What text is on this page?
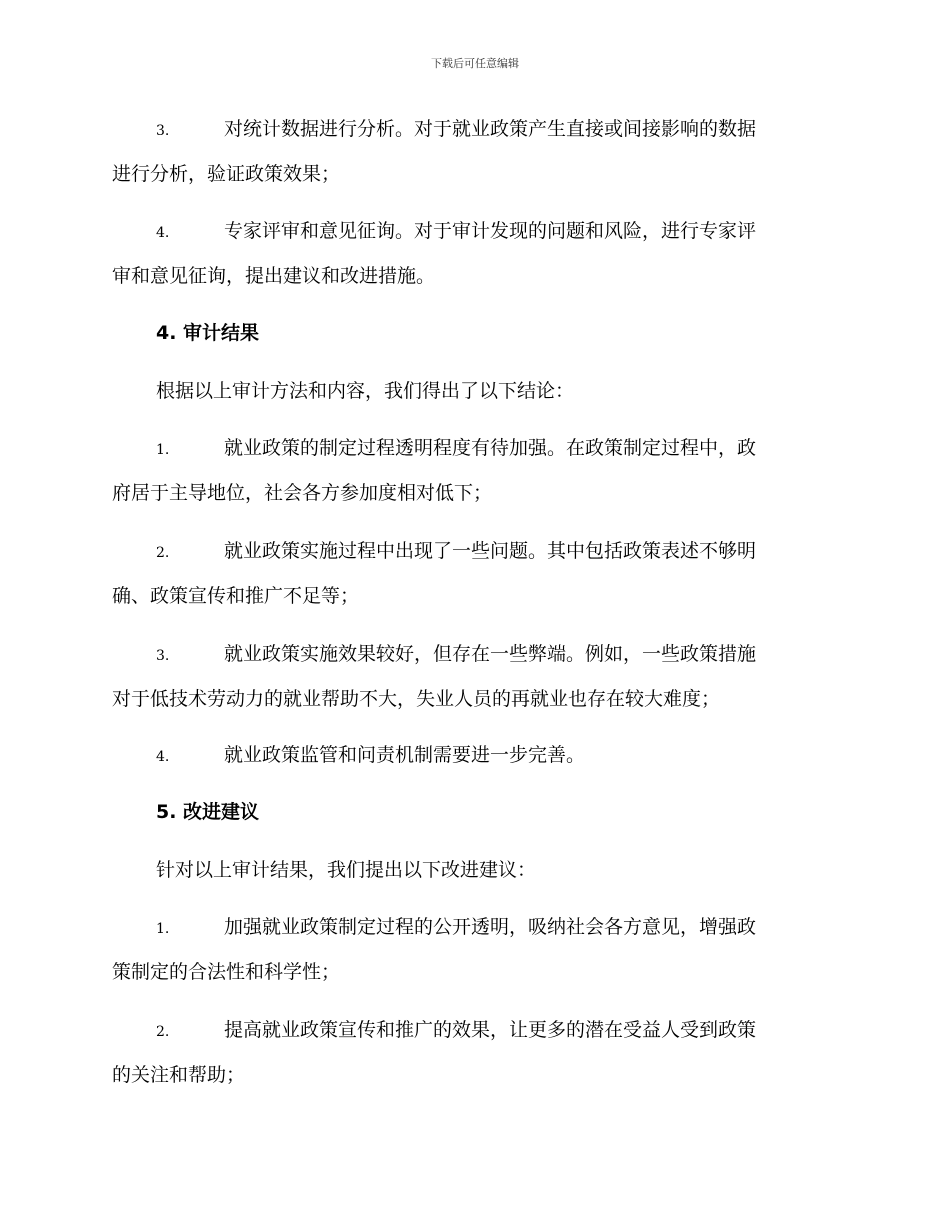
下载后可任意编辑
3.	对统计数据进行分析。对于就业政策产生直接或间接影响的数据
进行分析，验证政策效果；
4.	专家评审和意见征询。对于审计发现的问题和风险，进行专家评
审和意见征询，提出建议和改进措施。
4. 审计结果
根据以上审计方法和内容，我们得出了以下结论：
1.	就业政策的制定过程透明程度有待加强。在政策制定过程中，政
府居于主导地位，社会各方参加度相对低下；
2.	就业政策实施过程中出现了一些问题。其中包括政策表述不够明
确、政策宣传和推广不足等；
3.	就业政策实施效果较好，但存在一些弊端。例如，一些政策措施
对于低技术劳动力的就业帮助不大，失业人员的再就业也存在较大难度；
4.	就业政策监管和问责机制需要进一步完善。
5. 改进建议
针对以上审计结果，我们提出以下改进建议：
1.	加强就业政策制定过程的公开透明，吸纳社会各方意见，增强政
策制定的合法性和科学性；
2.	提高就业政策宣传和推广的效果，让更多的潜在受益人受到政策
的关注和帮助；
